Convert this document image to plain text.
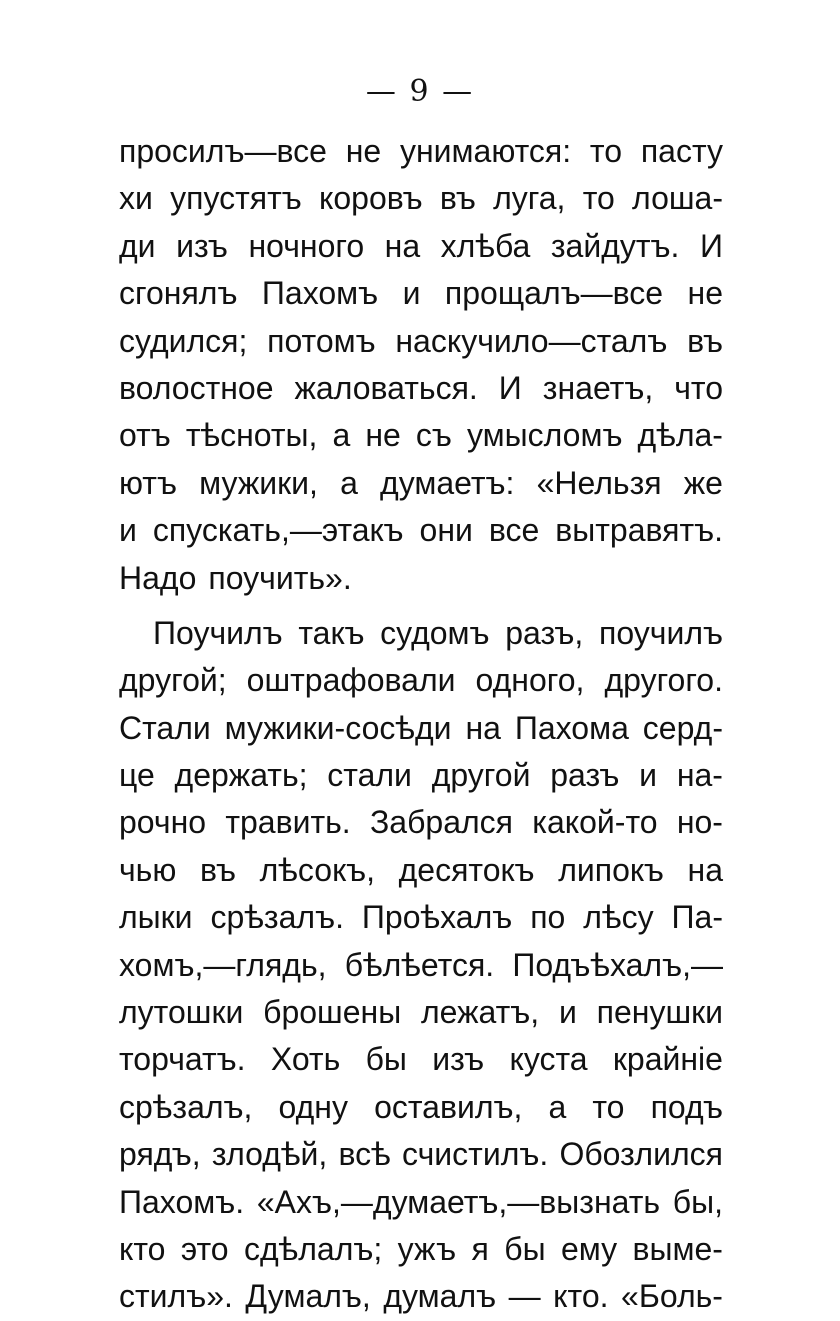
— 9 —
просилъ—все не унимаются: то пасту
хи упустятъ коровъ въ луга, то лоша-
ди изъ ночного на хлѣба зайдутъ. И
сгонялъ Пахомъ и прощалъ—все не
судился; потомъ наскучило—сталъ въ
волостное жаловаться. И знаетъ, что
отъ тѣсноты, а не съ умысломъ дѣла-
ютъ мужики, а думаетъ: «Нельзя же
и спускать,—этакъ они все вытравятъ.
Надо поучить».
Поучилъ такъ судомъ разъ, поучилъ
другой; оштрафовали одного, другого.
Стали мужики-сосѣди на Пахома серд-
це держать; стали другой разъ и на-
рочно травить. Забрался какой-то но-
чью въ лѣсокъ, десятокъ липокъ на
лыки срѣзалъ. Проѣхалъ по лѣсу Па-
хомъ,—глядь, бѣлѣется. Подъѣхалъ,—
лутошки брошены лежатъ, и пенушки
торчатъ. Хоть бы изъ куста крайнiе
срѣзалъ, одну оставилъ, а то подъ
рядъ, злодѣй, всѣ счистилъ. Обозлился
Пахомъ. «Ахъ,—думаетъ,—вызнать бы,
кто это сдѣлалъ; ужъ я бы ему выме-
стилъ». Думалъ, думалъ — кто. «Боль-
